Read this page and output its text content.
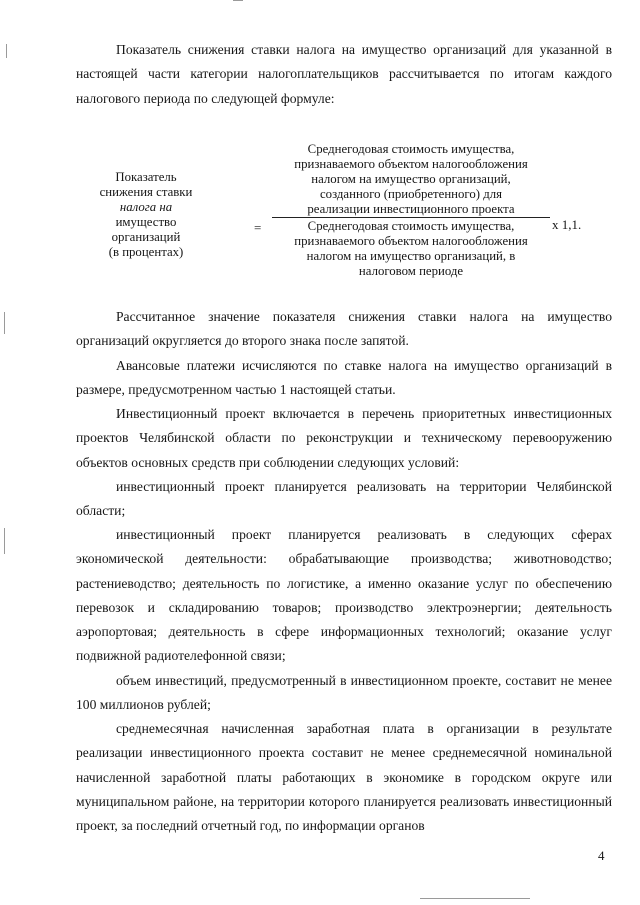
Показатель снижения ставки налога на имущество организаций для указанной в настоящей части категории налогоплательщиков рассчитывается по итогам каждого налогового периода по следующей формуле:

Показатель
снижения ставки
налога на
имущество
организаций
(в процентах)
=
Среднегодовая стоимость имущества,
признаваемого объектом налогообложения
налогом на имущество организаций,
созданного (приобретенного) для
реализации инвестиционного проекта
Среднегодовая стоимость имущества,
признаваемого объектом налогообложения
налогом на имущество организаций, в
налоговом периоде
х 1,1.

Рассчитанное значение показателя снижения ставки налога на имущество организаций округляется до второго знака после запятой.

Авансовые платежи исчисляются по ставке налога на имущество организаций в размере, предусмотренном частью 1 настоящей статьи.

Инвестиционный проект включается в перечень приоритетных инвестиционных проектов Челябинской области по реконструкции и техническому перевооружению объектов основных средств при соблюдении следующих условий:

инвестиционный проект планируется реализовать на территории Челябинской области;

инвестиционный проект планируется реализовать в следующих сферах экономической деятельности: обрабатывающие производства; животноводство; растениеводство; деятельность по логистике, а именно оказание услуг по обеспечению перевозок и складированию товаров; производство электроэнергии; деятельность аэропортовая; деятельность в сфере информационных технологий; оказание услуг подвижной радиотелефонной связи;

объем инвестиций, предусмотренный в инвестиционном проекте, составит не менее 100 миллионов рублей;

среднемесячная начисленная заработная плата в организации в результате реализации инвестиционного проекта составит не менее среднемесячной номинальной начисленной заработной платы работающих в экономике в городском округе или муниципальном районе, на территории которого планируется реализовать инвестиционный проект, за последний отчетный год, по информации органов

4
